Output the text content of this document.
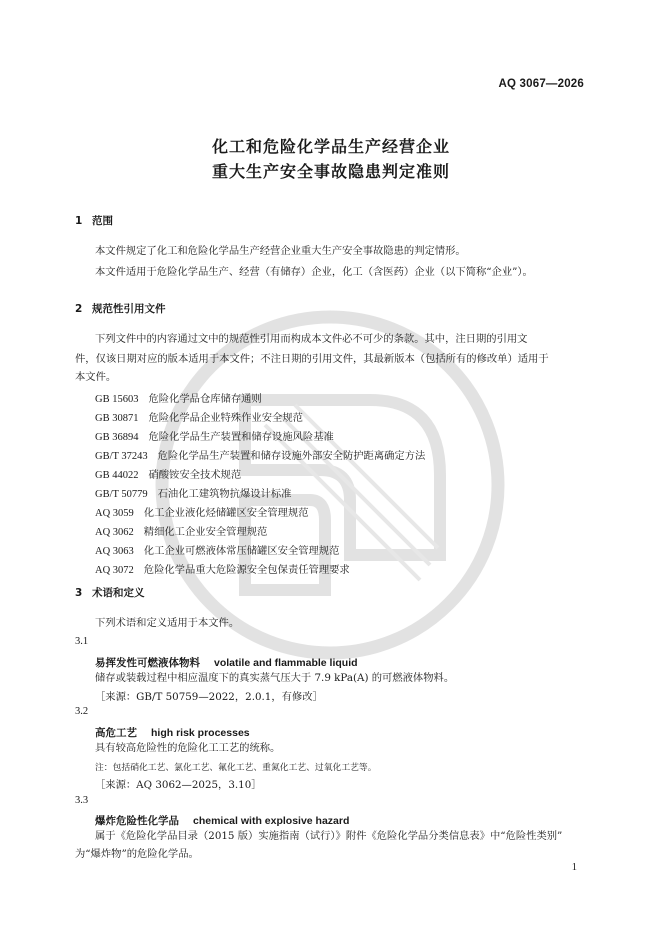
AQ 3067—2026
化工和危险化学品生产经营企业
重大生产安全事故隐患判定准则
1 范围
本文件规定了化工和危险化学品生产经营企业重大生产安全事故隐患的判定情形。
本文件适用于危险化学品生产、经营（有储存）企业，化工（含医药）企业（以下简称“企业”）。
2 规范性引用文件
下列文件中的内容通过文中的规范性引用而构成本文件必不可少的条款。其中，注日期的引用文
件，仅该日期对应的版本适用于本文件；不注日期的引用文件，其最新版本（包括所有的修改单）适用于
本文件。
GB 15603 危险化学品仓库储存通则
GB 30871 危险化学品企业特殊作业安全规范
GB 36894 危险化学品生产装置和储存设施风险基准
GB/T 37243 危险化学品生产装置和储存设施外部安全防护距离确定方法
GB 44022 硝酸铵安全技术规范
GB/T 50779 石油化工建筑物抗爆设计标准
AQ 3059 化工企业液化烃储罐区安全管理规范
AQ 3062 精细化工企业安全管理规范
AQ 3063 化工企业可燃液体常压储罐区安全管理规范
AQ 3072 危险化学品重大危险源安全包保责任管理要求
3 术语和定义
下列术语和定义适用于本文件。
3.1
易挥发性可燃液体物料 volatile and flammable liquid
储存或装载过程中相应温度下的真实蒸气压大于 7.9 kPa(A) 的可燃液体物料。
［来源：GB/T 50759—2022，2.0.1，有修改］
3.2
高危工艺 high risk processes
具有较高危险性的危险化工工艺的统称。
注：包括硝化工艺、氯化工艺、氟化工艺、重氮化工艺、过氧化工艺等。
［来源：AQ 3062—2025，3.10］
3.3
爆炸危险性化学品 chemical with explosive hazard
属于《危险化学品目录（2015 版）实施指南（试行）》附件《危险化学品分类信息表》中“危险性类别”
为“爆炸物”的危险化学品。
1
